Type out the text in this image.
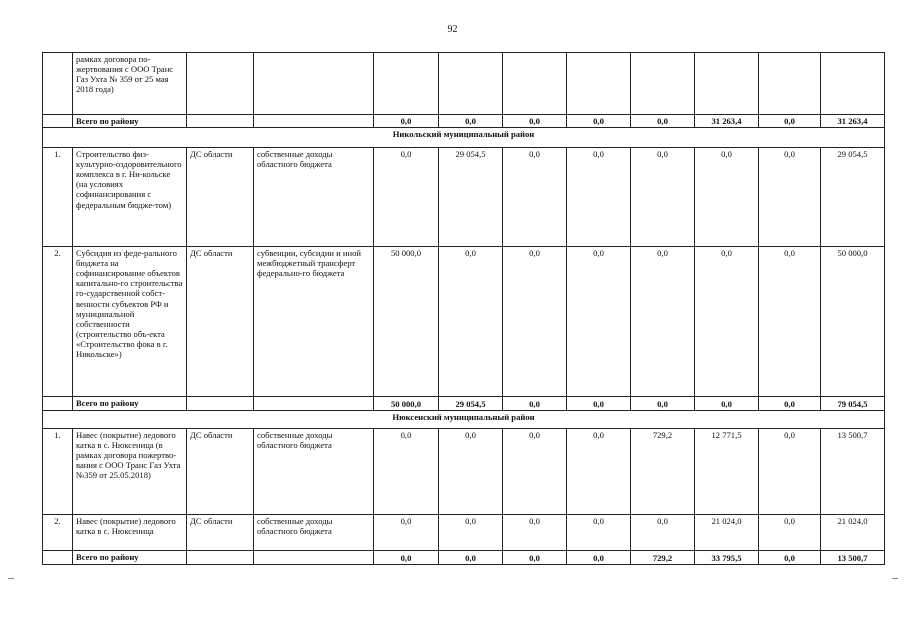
92
	рамках договора по-жертвования с ООО Транс Газ Ухта № 359 от 25 мая 2018 года)										
	Всего по району			0,0	0,0	0,0	0,0	0,0	31 263,4	0,0	31 263,4
Никольский муниципальный район											
1.	Строительство физ-культурно-оздоровительного комплекса в г. Ни-кольске (на условиях софинансирования с федеральным бюдже-том)	ДС области	собственные доходы областного бюджета	0,0	29 054,5	0,0	0,0	0,0	0,0	0,0	29 054,5
2.	Субсидия из феде-рального бюджета на софинансирование объектов капитально-го строительства го-сударственной собст-венности субъектов РФ и муниципальной собственности (строительство объ-екта «Строительство фока в г. Никольске»)	ДС области	субвенции, субсидии и иной межбюджетный трансферт федерально-го бюджета	50 000,0	0,0	0,0	0,0	0,0	0,0	0,0	50 000,0
	Всего по району			50 000,0	29 054,5	0,0	0,0	0,0	0,0	0,0	79 054,5
Нюксенский муниципальный район											
1.	Навес (покрытие) ледового катка в с. Нюксеница (в рамках договора пожертво-вания с ООО Транс Газ Ухта №359 от 25.05.2018)	ДС области	собственные доходы областного бюджета	0,0	0,0	0,0	0,0	729,2	12 771,5	0,0	13 500,7
2.	Навес (покрытие) ледового катка в с. Нюксеница	ДС области	собственные доходы областного бюджета	0,0	0,0	0,0	0,0	0,0	21 024,0	0,0	21 024,0
	Всего по району			0,0	0,0	0,0	0,0	729,2	33 795,5	0,0	13 500,7
